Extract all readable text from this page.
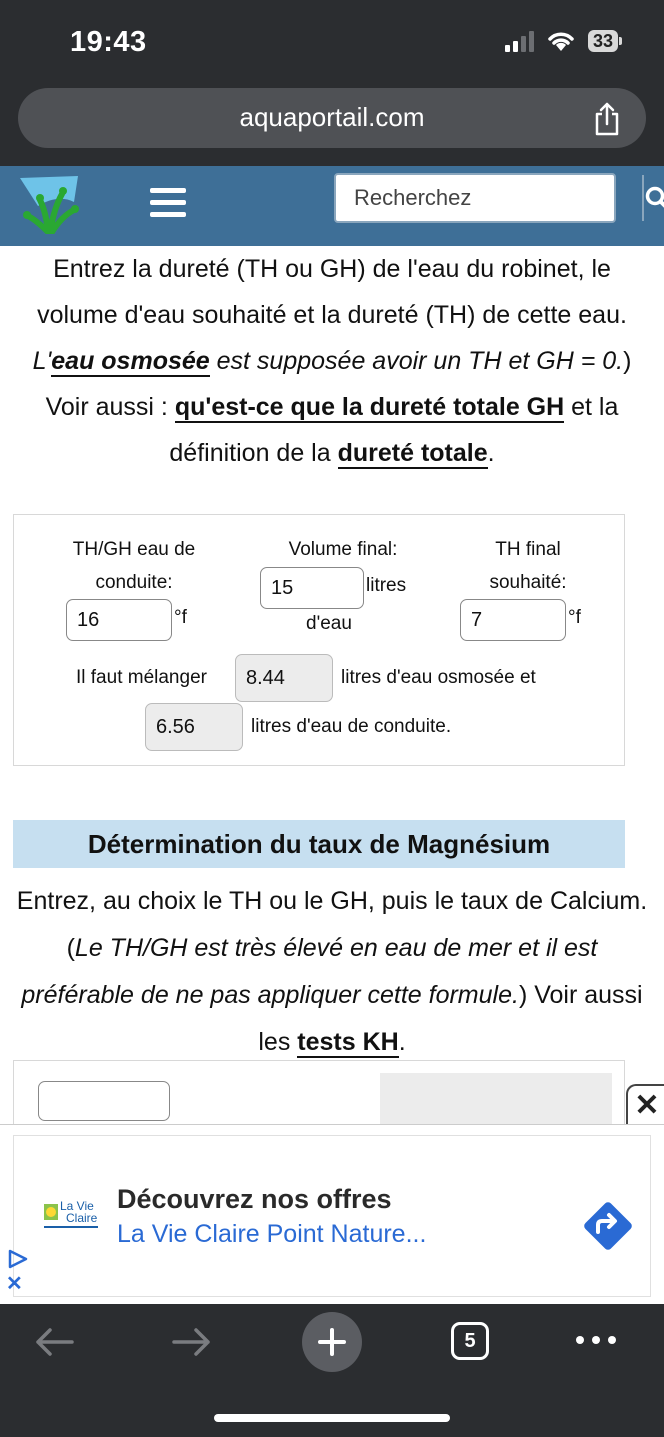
19:43	33
aquaportail.com
Recherchez

Entrez la dureté (TH ou GH) de l'eau du robinet, le volume d'eau souhaité et la dureté (TH) de cette eau. L'eau osmosée est supposée avoir un TH et GH = 0.) Voir aussi : qu'est-ce que la dureté totale GH et la définition de la dureté totale.

TH/GH eau de
conduite:
16
°f
Volume final:
15
litres
d'eau
TH final
souhaité:
7
°f
Il faut mélanger
8.44	litres d'eau osmosée et
6.56
litres d'eau de conduite.
Détermination du taux de Magnésium

Entrez, au choix le TH ou le GH, puis le taux de Calcium. (Le TH/GH est très élevé en eau de mer et il est préférable de ne pas appliquer cette formule.) Voir aussi les tests KH.

✕
La Vie
Claire
Découvrez nos offres
La Vie Claire Point Nature...
✕
5
